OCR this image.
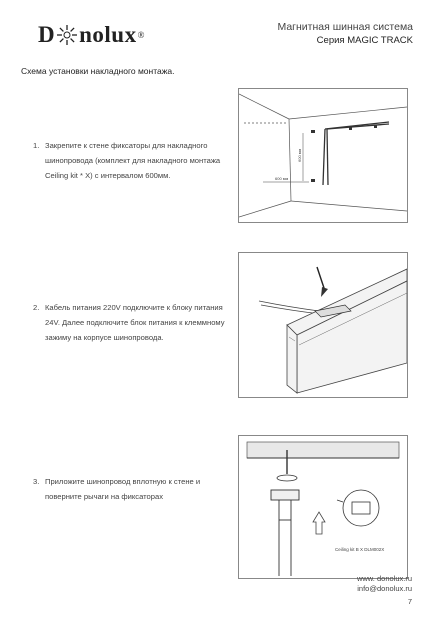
D nolux ®
Магнитная шинная система
Серия MAGIC TRACK
Схема установки накладного монтажа.
1. Закрепите к стене фиксаторы для накладного
шинопровода (комплект для накладного монтажа
Ceiling kit * X) с интервалом 600мм.
2. Кабель питания 220V подключите к блоку питания
24V. Далее подключите блок питания к клеммному
зажиму на корпусе шинопровода.
3. Приложите шинопровод вплотную к стене и
поверните рычаги на фиксаторах
600 мм
600 мм
Ceiling kit B X DLM002X
www. donolux.ru
info@donolux.ru
7
